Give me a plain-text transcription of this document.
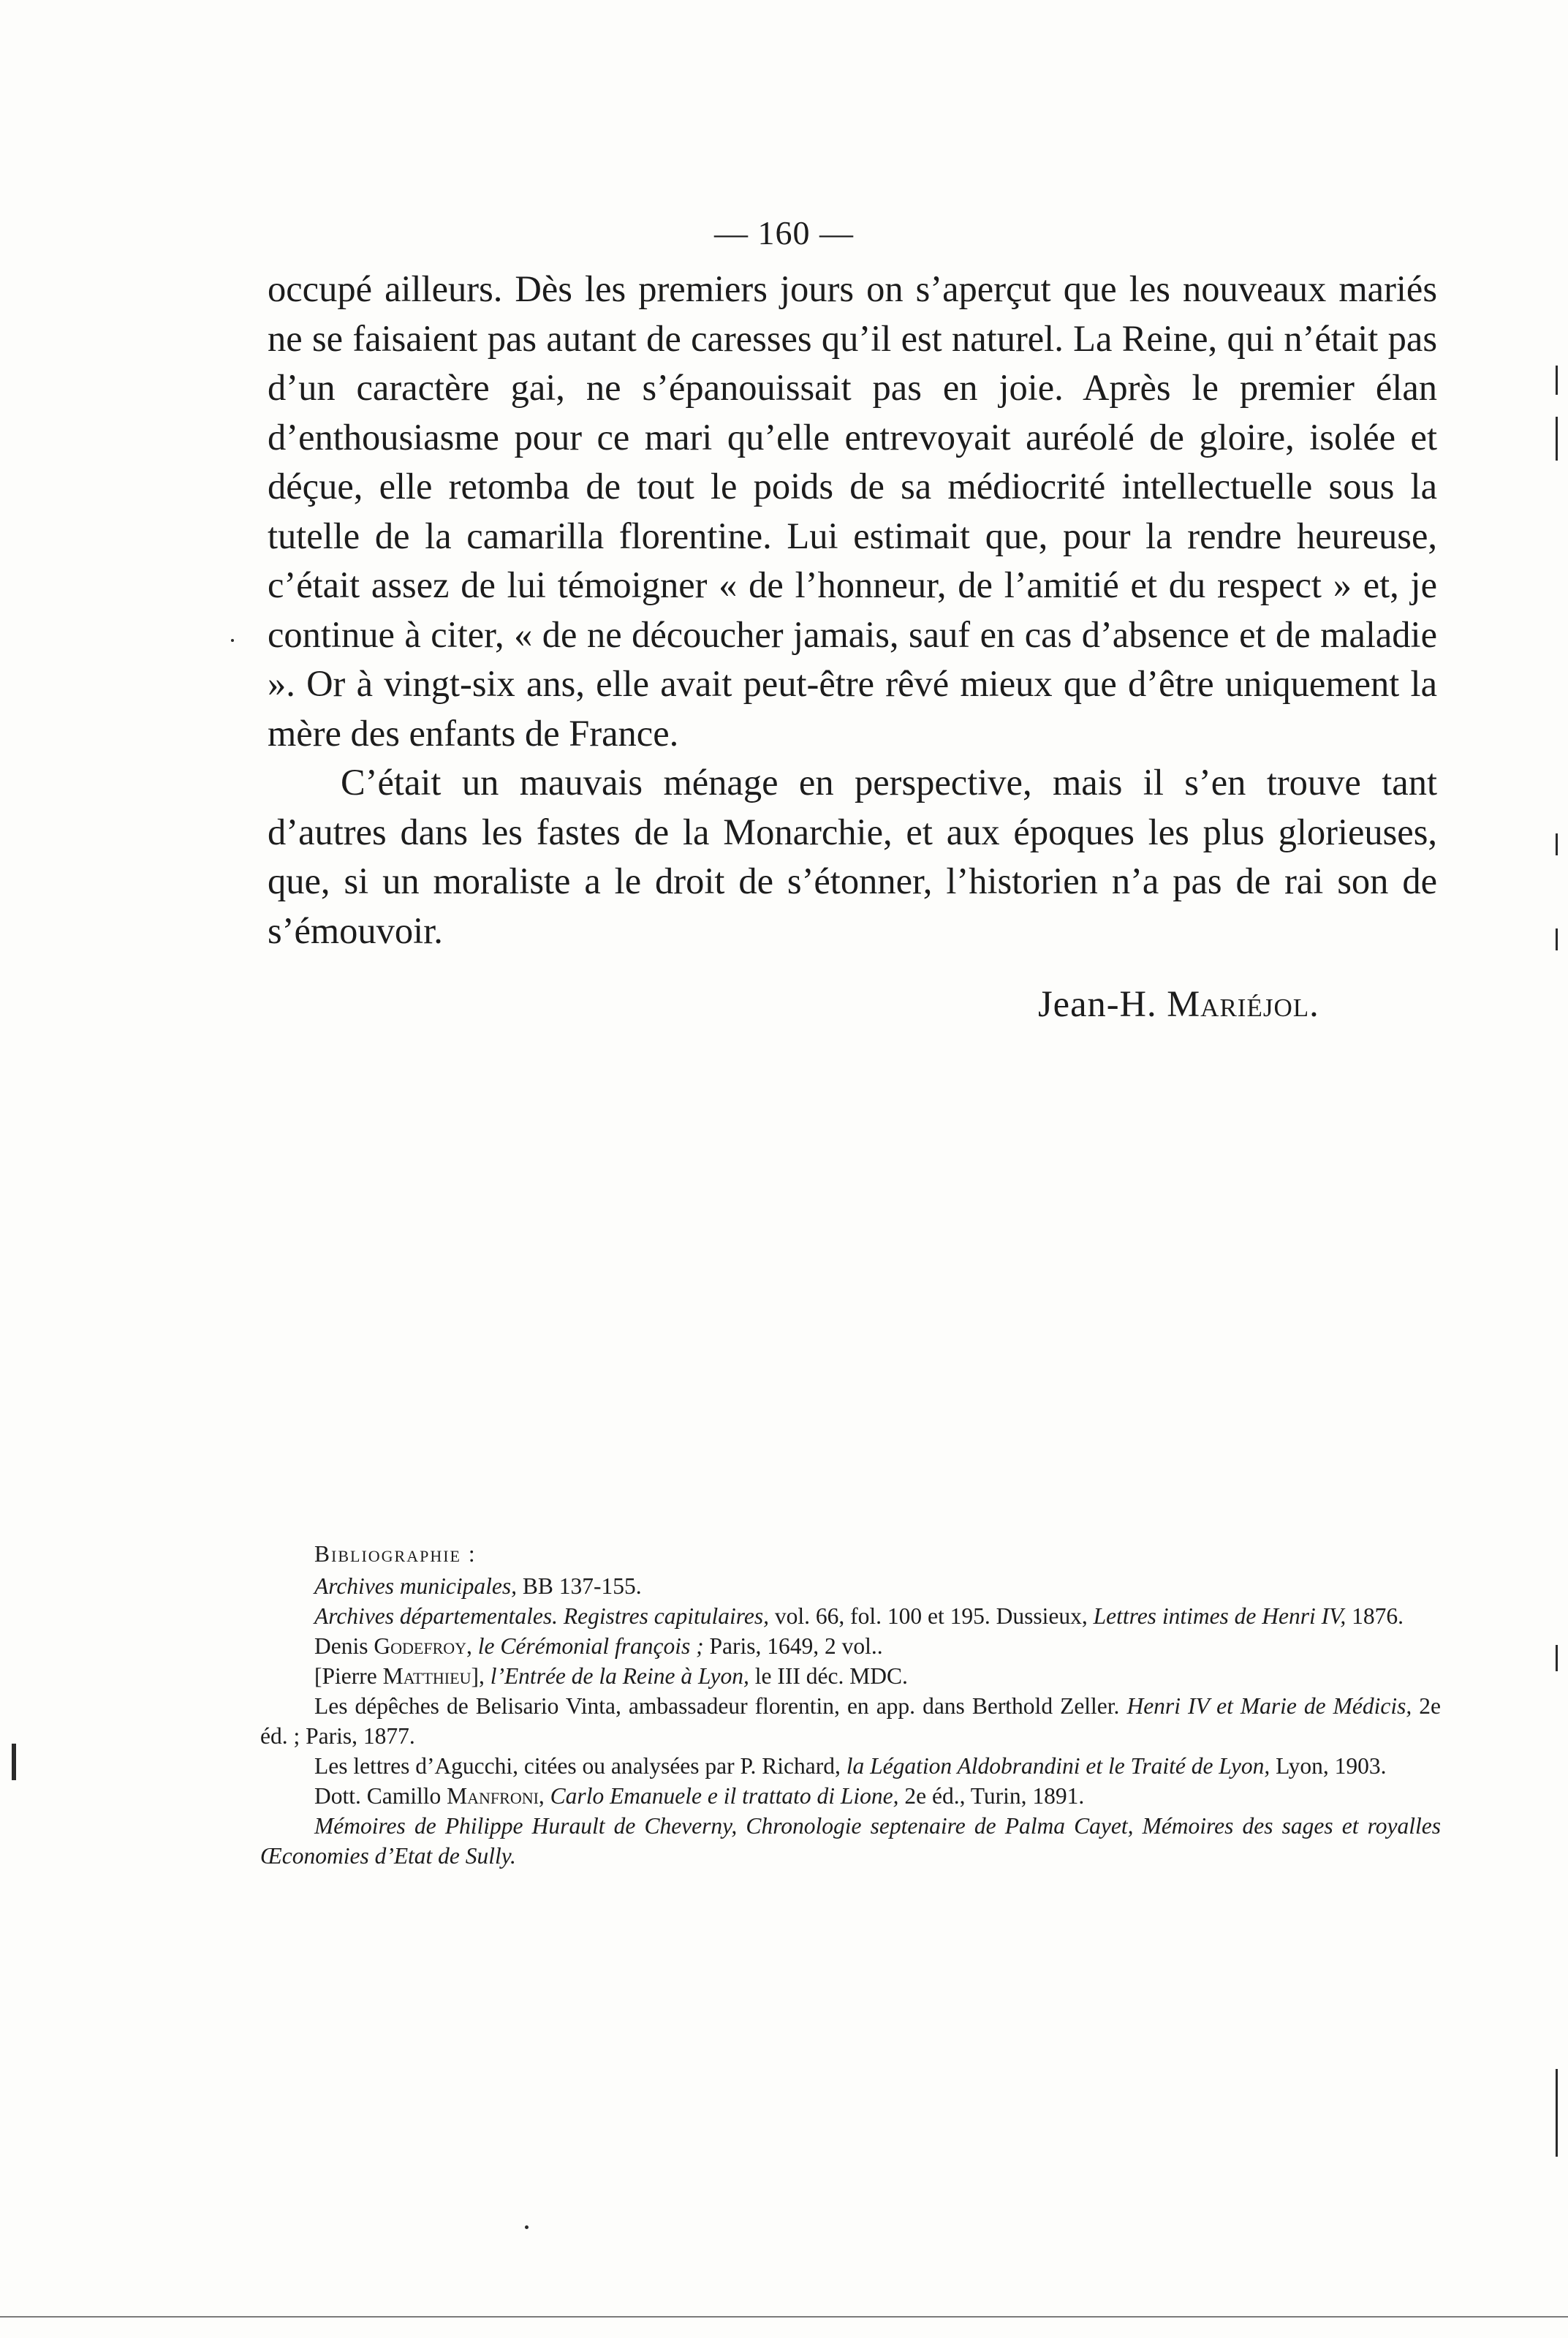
— 160 —

occupé ailleurs. Dès les premiers jours on s’aperçut que les nouveaux mariés ne se faisaient pas autant de caresses qu’il est naturel. La Reine, qui n’était pas d’un caractère gai, ne s’épanouissait pas en joie. Après le premier élan d’enthousiasme pour ce mari qu’elle entrevoyait auréolé de gloire, isolée et déçue, elle retomba de tout le poids de sa médiocrité intellectuelle sous la tutelle de la camarilla florentine. Lui estimait que, pour la rendre heureuse, c’était assez de lui témoigner « de l’honneur, de l’amitié et du respect » et, je continue à citer, « de ne découcher jamais, sauf en cas d’absence et de maladie ». Or à vingt-six ans, elle avait peut-être rêvé mieux que d’être uniquement la mère des enfants de France.

C’était un mauvais ménage en perspective, mais il s’en trouve tant d’autres dans les fastes de la Monarchie, et aux époques les plus glorieuses, que, si un moraliste a le droit de s’étonner, l’historien n’a pas de rai son de s’émouvoir.

Jean-H. Mariéjol.
Bibliographie :
Archives municipales, BB 137-155.
Archives départementales. Registres capitulaires, vol. 66, fol. 100 et 195. Dussieux, Lettres intimes de Henri IV, 1876.
Denis Godefroy, le Cérémonial françois ; Paris, 1649, 2 vol..
[Pierre Matthieu], l’Entrée de la Reine à Lyon, le III déc. MDC.
Les dépêches de Belisario Vinta, ambassadeur florentin, en app. dans Berthold Zeller. Henri IV et Marie de Médicis, 2e éd. ; Paris, 1877.
Les lettres d’Agucchi, citées ou analysées par P. Richard, la Légation Aldobrandini et le Traité de Lyon, Lyon, 1903.
Dott. Camillo Manfroni, Carlo Emanuele e il trattato di Lione, 2e éd., Turin, 1891.
Mémoires de Philippe Hurault de Cheverny, Chronologie septenaire de Palma Cayet, Mémoires des sages et royalles Œconomies d’Etat de Sully.
